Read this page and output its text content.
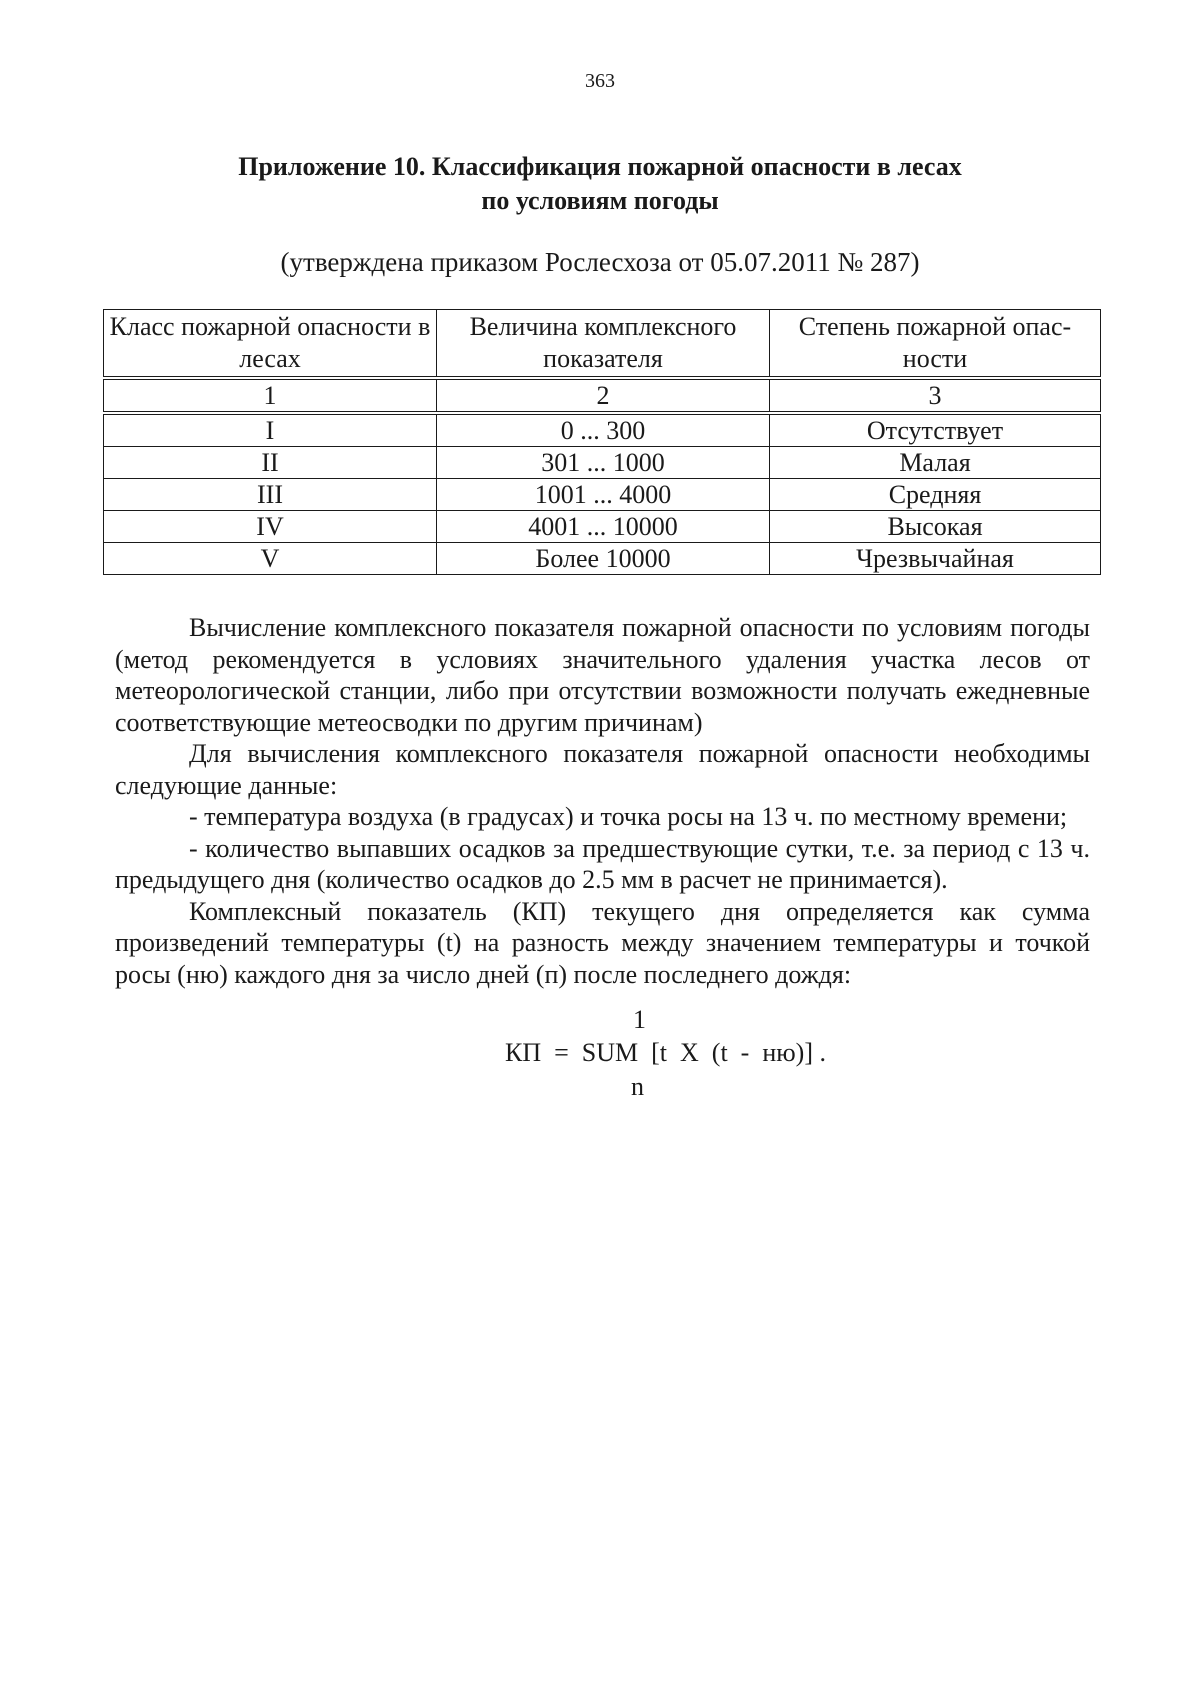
363
Приложение 10. Классификация пожарной опасности в лесах
по условиям погоды
(утверждена приказом Рослесхоза от 05.07.2011 № 287)
Класс пожарной опасности в лесах	Величина комплексного показателя	Степень пожарной опас-ности
1	2	3
I	0 ... 300	Отсутствует
II	301 ... 1000	Малая
III	1001 ... 4000	Средняя
IV	4001 ... 10000	Высокая
V	Более 10000	Чрезвычайная

Вычисление комплексного показателя пожарной опасности по условиям погоды (метод рекомендуется в условиях значительного удаления участка лесов от метеорологической станции, либо при отсутствии возможности получать ежедневные соответствующие метеосводки по другим причинам)

Для вычисления комплексного показателя пожарной опасности необходимы следующие данные:

- температура воздуха (в градусах) и точка росы на 13 ч. по местному времени;

- количество выпавших осадков за предшествующие сутки, т.е. за период с 13 ч. предыдущего дня (количество осадков до 2.5 мм в расчет не принимается).

Комплексный показатель (КП) текущего дня определяется как сумма произведений температуры (t) на разность между значением температуры и точкой росы (ню) каждого дня за число дней (п) после последнего дождя:

1
КП  =  SUM  [t  X  (t  -  ню)] .
n
